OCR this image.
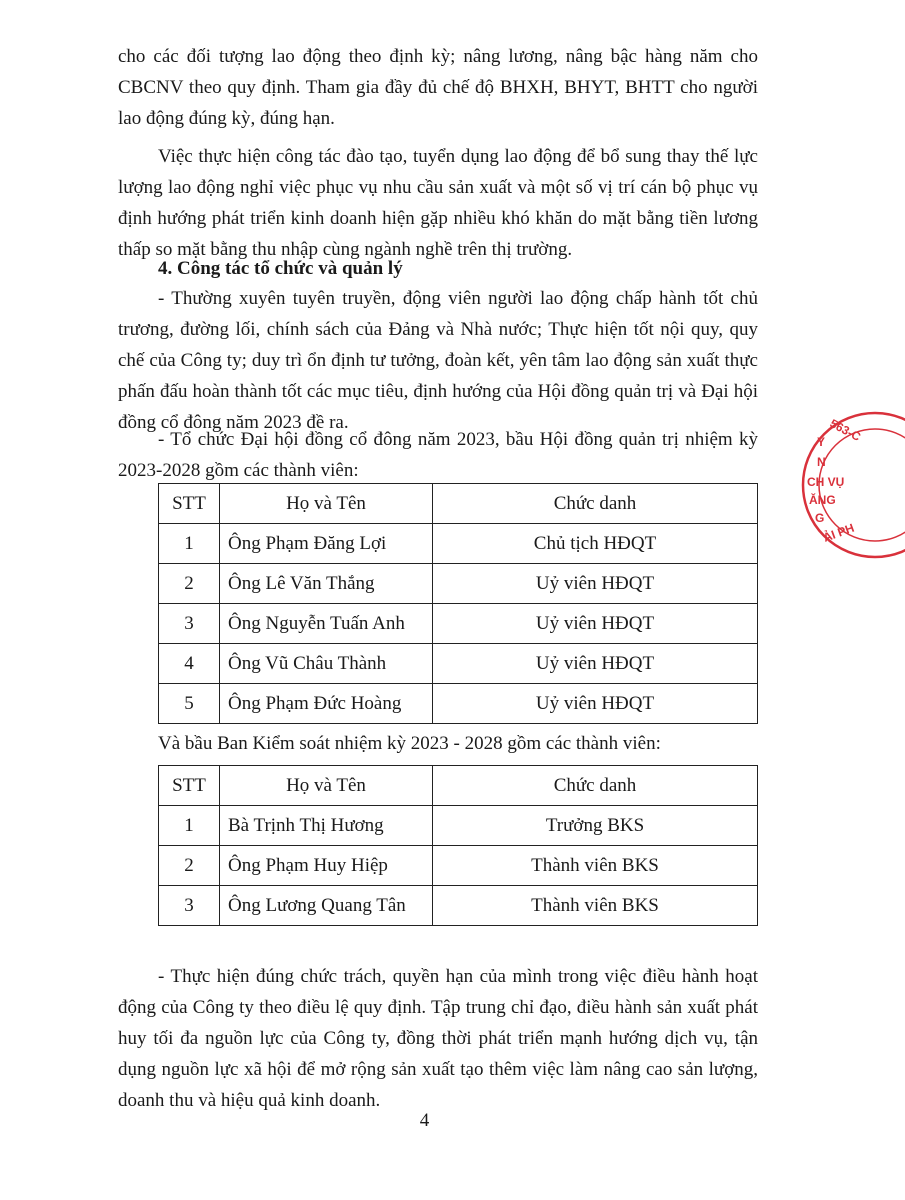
cho các đối tượng lao động theo định kỳ; nâng lương, nâng bậc hàng năm cho CBCNV theo quy định. Tham gia đầy đủ chế độ BHXH, BHYT, BHTT cho người lao động đúng kỳ, đúng hạn.

Việc thực hiện công tác đào tạo, tuyển dụng lao động để bổ sung thay thế lực lượng lao động nghỉ việc phục vụ nhu cầu sản xuất và một số vị trí cán bộ phục vụ định hướng phát triển kinh doanh hiện gặp nhiều khó khăn do mặt bằng tiền lương thấp so mặt bằng thu nhập cùng ngành nghề trên thị trường.

4. Công tác tổ chức và quản lý

- Thường xuyên tuyên truyền, động viên người lao động chấp hành tốt chủ trương, đường lối, chính sách của Đảng và Nhà nước; Thực hiện tốt nội quy, quy chế của Công ty; duy trì ổn định tư tưởng, đoàn kết, yên tâm lao động sản xuất thực phấn đấu hoàn thành tốt các mục tiêu, định hướng của Hội đồng quản trị và Đại hội đồng cổ đông năm 2023 đề ra.

- Tổ chức Đại hội đồng cổ đông năm 2023, bầu Hội đồng quản trị nhiệm kỳ 2023-2028 gồm các thành viên:

STT	Họ và Tên	Chức danh
1	Ông Phạm Đăng Lợi	Chủ tịch HĐQT
2	Ông Lê Văn Thắng	Uỷ viên HĐQT
3	Ông Nguyễn Tuấn Anh	Uỷ viên HĐQT
4	Ông Vũ Châu Thành	Uỷ viên HĐQT
5	Ông Phạm Đức Hoàng	Uỷ viên HĐQT

Và bầu Ban Kiểm soát nhiệm kỳ 2023 - 2028 gồm các thành viên:

STT	Họ và Tên	Chức danh
1	Bà Trịnh Thị Hương	Trưởng BKS
2	Ông Phạm Huy Hiệp	Thành viên BKS
3	Ông Lương Quang Tân	Thành viên BKS

- Thực hiện đúng chức trách, quyền hạn của mình trong việc điều hành hoạt động của Công ty theo điều lệ quy định. Tập trung chỉ đạo, điều hành sản xuất phát huy tối đa nguồn lực của Công ty, đồng thời phát triển mạnh hướng dịch vụ, tận dụng nguồn lực xã hội để mở rộng sản xuất tạo thêm việc làm nâng cao sản lượng, doanh thu và hiệu quả kinh doanh.

4
563-C
Y
N
CH VỤ
ĂNG
G
ẢI PH
